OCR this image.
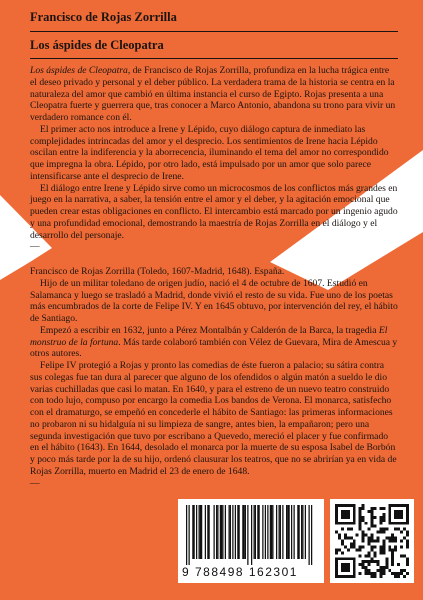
Francisco de Rojas Zorrilla

Los áspides de Cleopatra

Los áspides de Cleopatra, de Francisco de Rojas Zorrilla, profundiza en la lucha trágica entre el deseo privado y personal y el deber público. La verdadera trama de la historia se centra en la naturaleza del amor que cambió en última instancia el curso de Egipto. Rojas presenta a una Cleopatra fuerte y guerrera que, tras conocer a Marco Antonio, abandona su trono para vivir un verdadero romance con él.

El primer acto nos introduce a Irene y Lépido, cuyo diálogo captura de inmediato las complejidades intrincadas del amor y el desprecio. Los sentimientos de Irene hacia Lépido oscilan entre la indiferencia y la aborrecencia, iluminando el tema del amor no correspondido que impregna la obra. Lépido, por otro lado, está impulsado por un amor que solo parece intensificarse ante el desprecio de Irene.

El diálogo entre Irene y Lépido sirve como un microcosmos de los conflictos más grandes en juego en la narrativa, a saber, la tensión entre el amor y el deber, y la agitación emocional que pueden crear estas obligaciones en conflicto. El intercambio está marcado por un ingenio agudo y una profundidad emocional, demostrando la maestría de Rojas Zorrilla en el diálogo y el desarrollo del personaje.

—

Francisco de Rojas Zorrilla (Toledo, 1607-Madrid, 1648). España.

Hijo de un militar toledano de origen judío, nació el 4 de octubre de 1607. Estudió en Salamanca y luego se trasladó a Madrid, donde vivió el resto de su vida. Fue uno de los poetas más encumbrados de la corte de Felipe IV. Y en 1645 obtuvo, por intervención del rey, el hábito de Santiago.

Empezó a escribir en 1632, junto a Pérez Montalbán y Calderón de la Barca, la tragedia El monstruo de la fortuna. Más tarde colaboró también con Vélez de Guevara, Mira de Amescua y otros autores.

Felipe IV protegió a Rojas y pronto las comedias de éste fueron a palacio; su sátira contra sus colegas fue tan dura al parecer que alguno de los ofendidos o algún matón a sueldo le dio varias cuchilladas que casi lo matan. En 1640, y para el estreno de un nuevo teatro construido con todo lujo, compuso por encargo la comedia Los bandos de Verona. El monarca, satisfecho con el dramaturgo, se empeñó en concederle el hábito de Santiago: las primeras informaciones no probaron ni su hidalguía ni su limpieza de sangre, antes bien, la empañaron; pero una segunda investigación que tuvo por escribano a Quevedo, mereció el placer y fue confirmado en el hábito (1643). En 1644, desolado el monarca por la muerte de su esposa Isabel de Borbón y poco más tarde por la de su hijo, ordenó clausurar los teatros, que no se abrirían ya en vida de Rojas Zorrilla, muerto en Madrid el 23 de enero de 1648.

—

9 788498 162301
